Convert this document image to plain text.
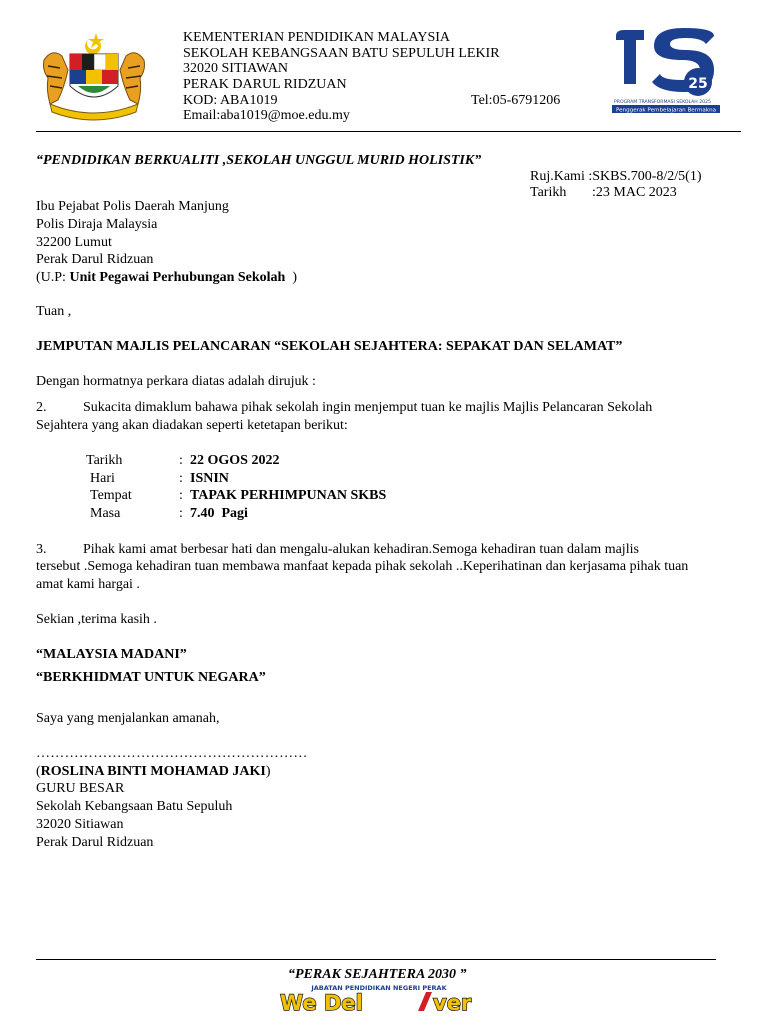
KEMENTERIAN PENDIDIKAN MALAYSIA
SEKOLAH KEBANGSAAN BATU SEPULUH LEKIR
32020 SITIAWAN
PERAK DARUL RIDZUAN
KOD: ABA1019	Tel:05-6791206
Email:aba1019@moe.edu.my
25
PROGRAM TRANSFORMASI SEKOLAH 2025
Penggerak Pembelajaran Bermakna
“PENDIDIKAN BERKUALITI ,SEKOLAH UNGGUL MURID HOLISTIK”
Ruj.Kami :SKBS.700-8/2/5(1)
Tarikh :23 MAC 2023
Ibu Pejabat Polis Daerah Manjung
Polis Diraja Malaysia
32200 Lumut
Perak Darul Ridzuan
(U.P: Unit Pegawai Perhubungan Sekolah  )
Tuan ,
JEMPUTAN MAJLIS PELANCARAN “SEKOLAH SEJAHTERA: SEPAKAT DAN SELAMAT”
Dengan hormatnya perkara diatas adalah dirujuk :
2.	Sukacita dimaklum bahawa pihak sekolah ingin menjemput tuan ke majlis Majlis Pelancaran Sekolah
Sejahtera yang akan diadakan seperti ketetapan berikut:
Tarikh	: 22 OGOS 2022
Hari	: ISNIN
Tempat	: TAPAK PERHIMPUNAN SKBS
Masa	: 7.40  Pagi
3.	Pihak kami amat berbesar hati dan mengalu-alukan kehadiran.Semoga kehadiran tuan dalam majlis
tersebut .Semoga kehadiran tuan membawa manfaat kepada pihak sekolah ..Keperihatinan dan kerjasama pihak tuan
amat kami hargai .
Sekian ,terima kasih .
“MALAYSIA MADANI”
“BERKHIDMAT UNTUK NEGARA”
Saya yang menjalankan amanah,
…………………………………………………
(ROSLINA BINTI MOHAMAD JAKI)
GURU BESAR
Sekolah Kebangsaan Batu Sepuluh
32020 Sitiawan
Perak Darul Ridzuan
“PERAK SEJAHTERA 2030 ”
JABATAN PENDIDIKAN NEGERI PERAK
We Del	ver
